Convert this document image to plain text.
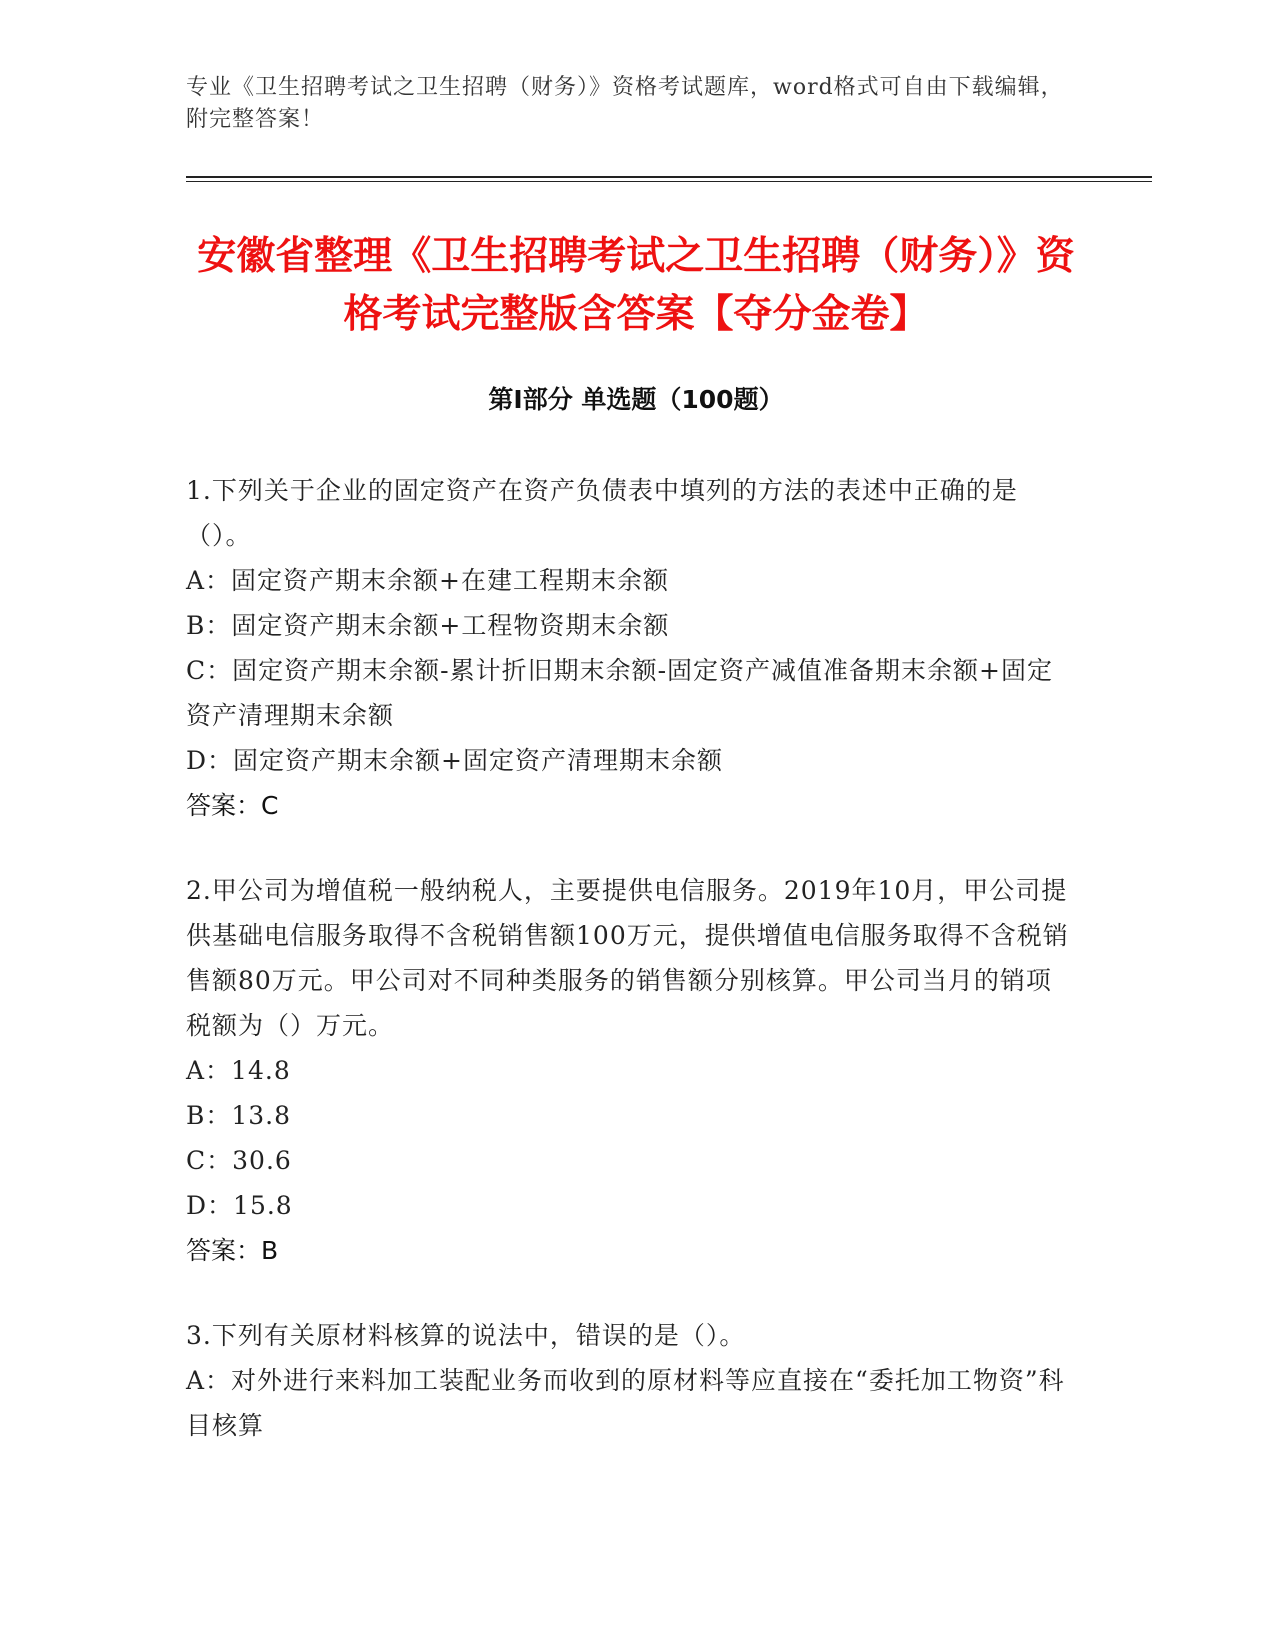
专业《卫生招聘考试之卫生招聘（财务）》资格考试题库，word格式可自由下载编辑，附完整答案！
安徽省整理《卫生招聘考试之卫生招聘（财务）》资格考试完整版含答案【夺分金卷】
第Ⅰ部分 单选题（100题）

1.下列关于企业的固定资产在资产负债表中填列的方法的表述中正确的是（）。

A：固定资产期末余额+在建工程期末余额

B：固定资产期末余额+工程物资期末余额

C：固定资产期末余额-累计折旧期末余额-固定资产减值准备期末余额+固定资产清理期末余额

D：固定资产期末余额+固定资产清理期末余额

答案：C

2.甲公司为增值税一般纳税人，主要提供电信服务。2019年10月，甲公司提供基础电信服务取得不含税销售额100万元，提供增值电信服务取得不含税销售额80万元。甲公司对不同种类服务的销售额分别核算。甲公司当月的销项税额为（）万元。

A：14.8

B：13.8

C：30.6

D：15.8

答案：B

3.下列有关原材料核算的说法中，错误的是（）。

A：对外进行来料加工装配业务而收到的原材料等应直接在“委托加工物资”科目核算
